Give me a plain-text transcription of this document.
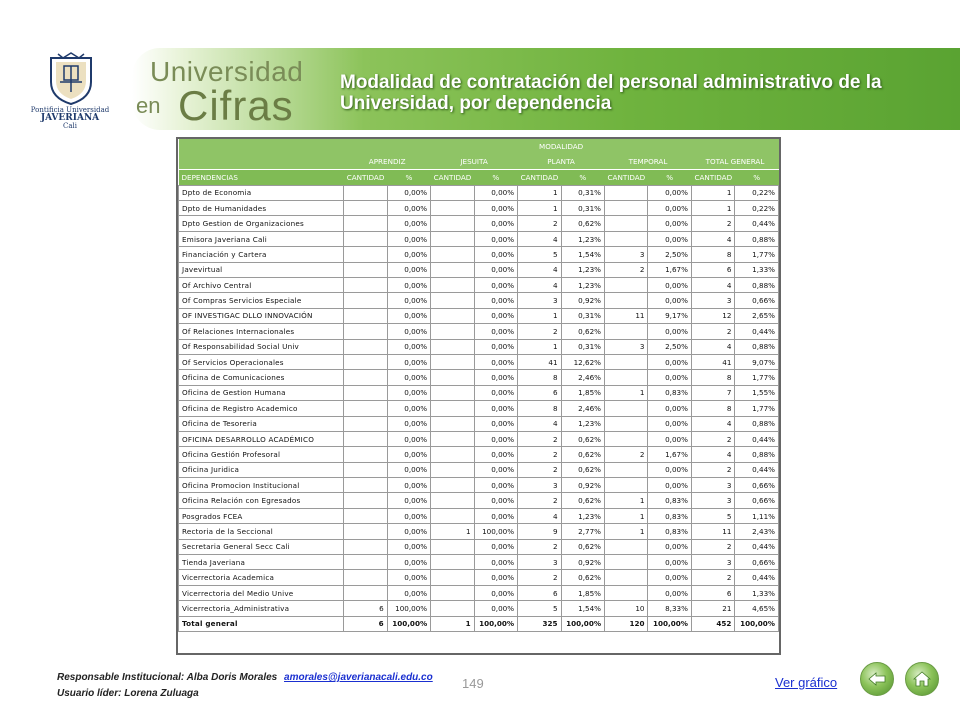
Pontificia Universidad
JAVERIANA
Cali
Universidad
en Cifras Modalidad de contratación del personal administrativo de la Universidad, por dependencia
	MODALIDAD									
	APRENDIZ		JESUITA		PLANTA		TEMPORAL		TOTAL GENERAL	
DEPENDENCIAS	CANTIDAD	%	CANTIDAD	%	CANTIDAD	%	CANTIDAD	%	CANTIDAD	%
Dpto de Economia		0,00%		0,00%	1	0,31%		0,00%	1	0,22%
Dpto de Humanidades		0,00%		0,00%	1	0,31%		0,00%	1	0,22%
Dpto Gestion de Organizaciones		0,00%		0,00%	2	0,62%		0,00%	2	0,44%
Emisora Javeriana Cali		0,00%		0,00%	4	1,23%		0,00%	4	0,88%
Financiación y Cartera		0,00%		0,00%	5	1,54%	3	2,50%	8	1,77%
Javevirtual		0,00%		0,00%	4	1,23%	2	1,67%	6	1,33%
Of Archivo Central		0,00%		0,00%	4	1,23%		0,00%	4	0,88%
Of Compras Servicios Especiale		0,00%		0,00%	3	0,92%		0,00%	3	0,66%
OF INVESTIGAC DLLO INNOVACIÓN		0,00%		0,00%	1	0,31%	11	9,17%	12	2,65%
Of Relaciones Internacionales		0,00%		0,00%	2	0,62%		0,00%	2	0,44%
Of Responsabilidad Social Univ		0,00%		0,00%	1	0,31%	3	2,50%	4	0,88%
Of Servicios Operacionales		0,00%		0,00%	41	12,62%		0,00%	41	9,07%
Oficina de Comunicaciones		0,00%		0,00%	8	2,46%		0,00%	8	1,77%
Oficina de Gestion Humana		0,00%		0,00%	6	1,85%	1	0,83%	7	1,55%
Oficina de Registro Academico		0,00%		0,00%	8	2,46%		0,00%	8	1,77%
Oficina de Tesoreria		0,00%		0,00%	4	1,23%		0,00%	4	0,88%
OFICINA DESARROLLO ACADÉMICO		0,00%		0,00%	2	0,62%		0,00%	2	0,44%
Oficina Gestión Profesoral		0,00%		0,00%	2	0,62%	2	1,67%	4	0,88%
Oficina Juridica		0,00%		0,00%	2	0,62%		0,00%	2	0,44%
Oficina Promocion Institucional		0,00%		0,00%	3	0,92%		0,00%	3	0,66%
Oficina Relación con Egresados		0,00%		0,00%	2	0,62%	1	0,83%	3	0,66%
Posgrados FCEA		0,00%		0,00%	4	1,23%	1	0,83%	5	1,11%
Rectoria de la Seccional		0,00%	1	100,00%	9	2,77%	1	0,83%	11	2,43%
Secretaria General Secc Cali		0,00%		0,00%	2	0,62%		0,00%	2	0,44%
Tienda Javeriana		0,00%		0,00%	3	0,92%		0,00%	3	0,66%
Vicerrectoria Academica		0,00%		0,00%	2	0,62%		0,00%	2	0,44%
Vicerrectoria del Medio Unive		0,00%		0,00%	6	1,85%		0,00%	6	1,33%
Vicerrectoria_Administrativa	6	100,00%		0,00%	5	1,54%	10	8,33%	21	4,65%
Total general	6	100,00%	1	100,00%	325	100,00%	120	100,00%	452	100,00%
Responsable Institucional: Alba Doris Morales amorales@javerianacali.edu.co
Usuario líder: Lorena Zuluaga
149	Ver gráfico
